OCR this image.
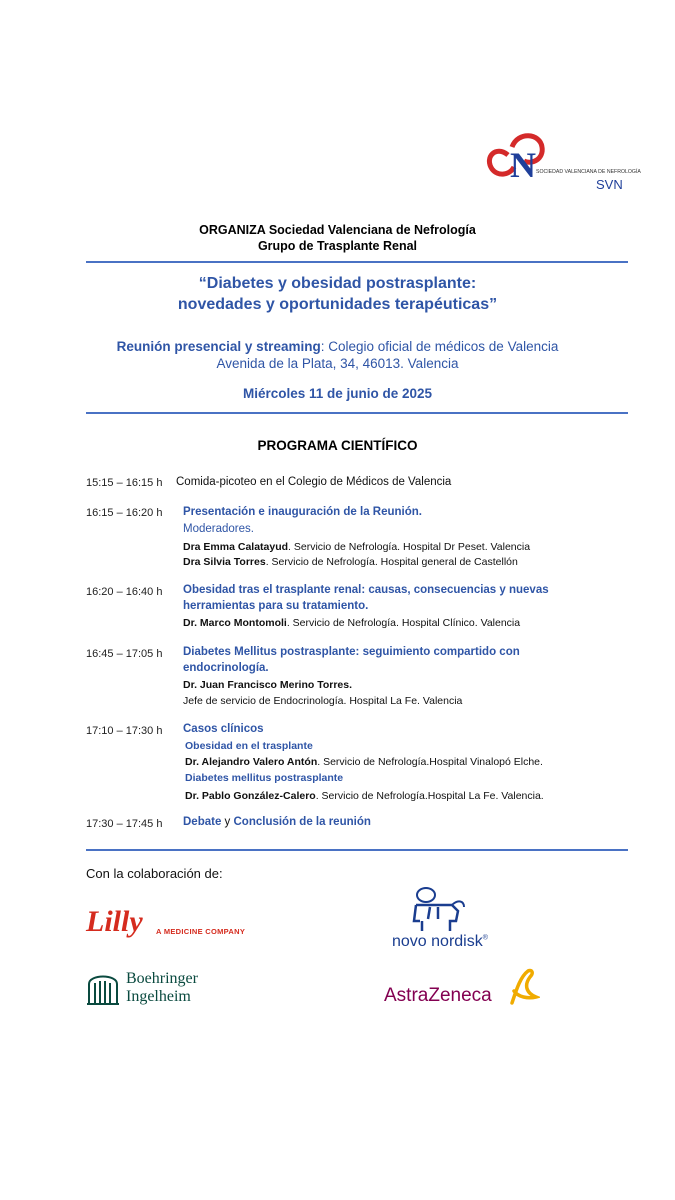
N SOCIEDAD VALENCIANA DE NEFROLOGÍA
SVN
ORGANIZA Sociedad Valenciana de Nefrología
Grupo de Trasplante Renal
“Diabetes y obesidad postrasplante:
novedades y oportunidades terapéuticas”
Reunión presencial y streaming: Colegio oficial de médicos de Valencia
Avenida de la Plata, 34, 46013. Valencia
Miércoles 11 de junio de 2025
PROGRAMA CIENTÍFICO
15:15 – 16:15 h Comida-picoteo en el Colegio de Médicos de Valencia
16:15 – 16:20 h Presentación e inauguración de la Reunión.
Moderadores.
Dra Emma Calatayud. Servicio de Nefrología. Hospital Dr Peset. Valencia
Dra Silvia Torres. Servicio de Nefrología. Hospital general de Castellón
16:20 – 16:40 h Obesidad tras el trasplante renal: causas, consecuencias y nuevas
herramientas para su tratamiento.
Dr. Marco Montomoli. Servicio de Nefrología. Hospital Clínico. Valencia
16:45 – 17:05 h Diabetes Mellitus postrasplante: seguimiento compartido con
endocrinología.
Dr. Juan Francisco Merino Torres.
Jefe de servicio de Endocrinología. Hospital La Fe. Valencia
17:10 – 17:30 h Casos clínicos
Obesidad en el trasplante
Dr. Alejandro Valero Antón. Servicio de Nefrología.Hospital Vinalopó Elche.
Diabetes mellitus postrasplante
Dr. Pablo González-Calero. Servicio de Nefrología.Hospital La Fe. Valencia.
17:30 – 17:45 h Debate y Conclusión de la reunión
Con la colaboración de:
Lilly A MEDICINE COMPANY
novo nordisk®
Boehringer
Ingelheim	AstraZeneca
